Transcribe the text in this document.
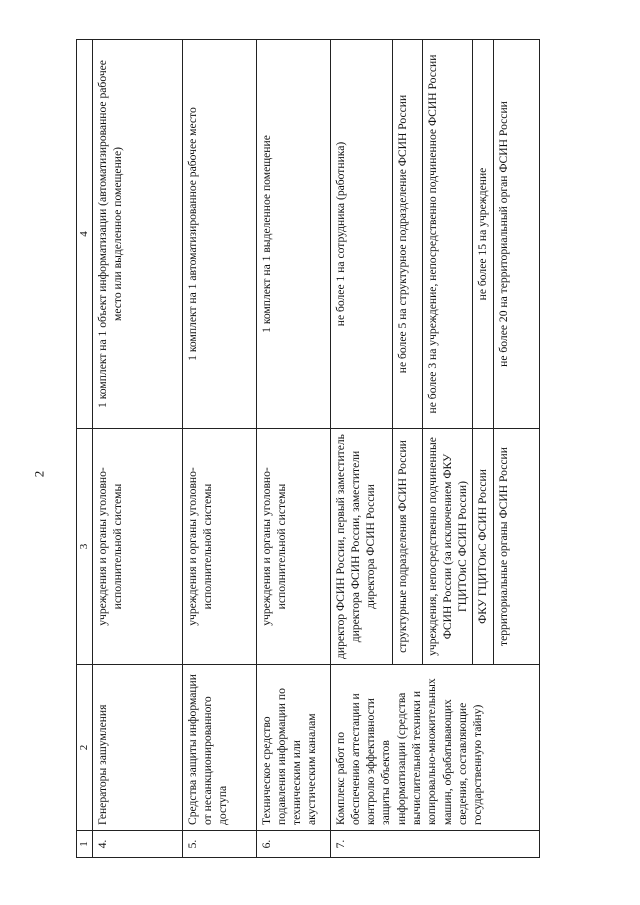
2
1	2	3	4
4.	Генераторы зашумления	учреждения и органы уголовно-исполнительной системы	1 комплект на 1 объект информатизации (автоматизированное рабочее место или выделенное помещение)
5.	Средства защиты информации от несанкционированного доступа	учреждения и органы уголовно-исполнительной системы	1 комплект на 1 автоматизированное рабочее место
6.	Техническое средство подавления информации по техническим или акустическим каналам	учреждения и органы уголовно-исполнительной системы	1 комплект на 1 выделенное помещение
7.	Комплекс работ по обеспечению аттестации и контролю эффективности защиты объектов информатизации (средства вычислительной техники и копировально-множительных машин, обрабатывающих сведения, составляющие государственную тайну)	директор ФСИН России, первый заместитель директора ФСИН России, заместители директора ФСИН России	не более 1 на сотрудника (работника)
		структурные подразделения ФСИН России	не более 5 на структурное подразделение ФСИН России
		учреждения, непосредственно подчиненные ФСИН России (за исключением ФКУ ГЦИТОиС ФСИН России)	не более 3 на учреждение, непосредственно подчиненное ФСИН России
		ФКУ ГЦИТОиС ФСИН России	не более 15 на учреждение
		территориальные органы ФСИН России	не более 20 на территориальный орган ФСИН России
